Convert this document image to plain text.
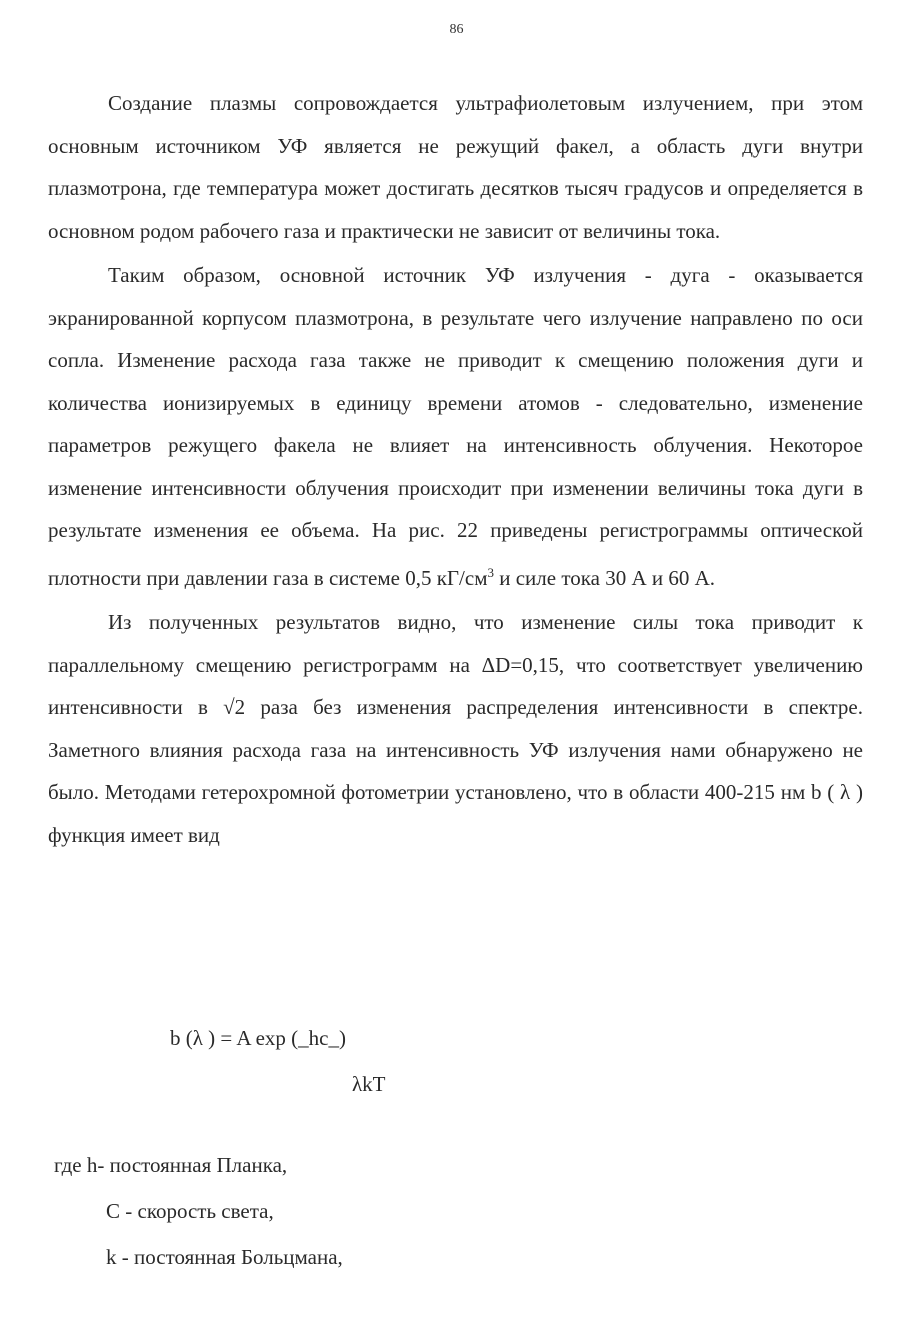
86

Создание плазмы сопровождается ультрафиолетовым излучением, при этом основным источником УФ является не режущий факел, а область дуги внутри плазмотрона, где температура может достигать десятков тысяч градусов и определяется в основном родом рабочего газа и практически не зависит от величины тока.

Таким образом, основной источник УФ излучения - дуга - оказывается экранированной корпусом плазмотрона, в результате чего излучение направлено по оси сопла. Изменение расхода газа также не приводит к смещению положения дуги и количества ионизируемых в единицу времени атомов - следовательно, изменение параметров режущего факела не влияет на интенсивность облучения. Некоторое изменение интенсивности облучения происходит при изменении величины тока дуги в результате изменения ее объема. На рис. 22 приведены регистрограммы оптической плотности при давлении газа в системе 0,5 $кГ/см^3$ и силе тока 30 А и 60 А.

Из полученных результатов видно, что изменение силы тока приводит к параллельному смещению регистрограмм на ΔD=0,15, что соответствует увеличению интенсивности в √2 раза без изменения распределения интенсивности в спектре. Заметного влияния расхода газа на интенсивность УФ излучения нами обнаружено не было. Методами гетерохромной фотометрии установлено, что в области 400-215 нм b ( λ ) функция имеет вид

b (λ ) = A exp (_hc_)
λkT
где h- постоянная Планка,
С - скорость света,
k - постоянная Больцмана,
